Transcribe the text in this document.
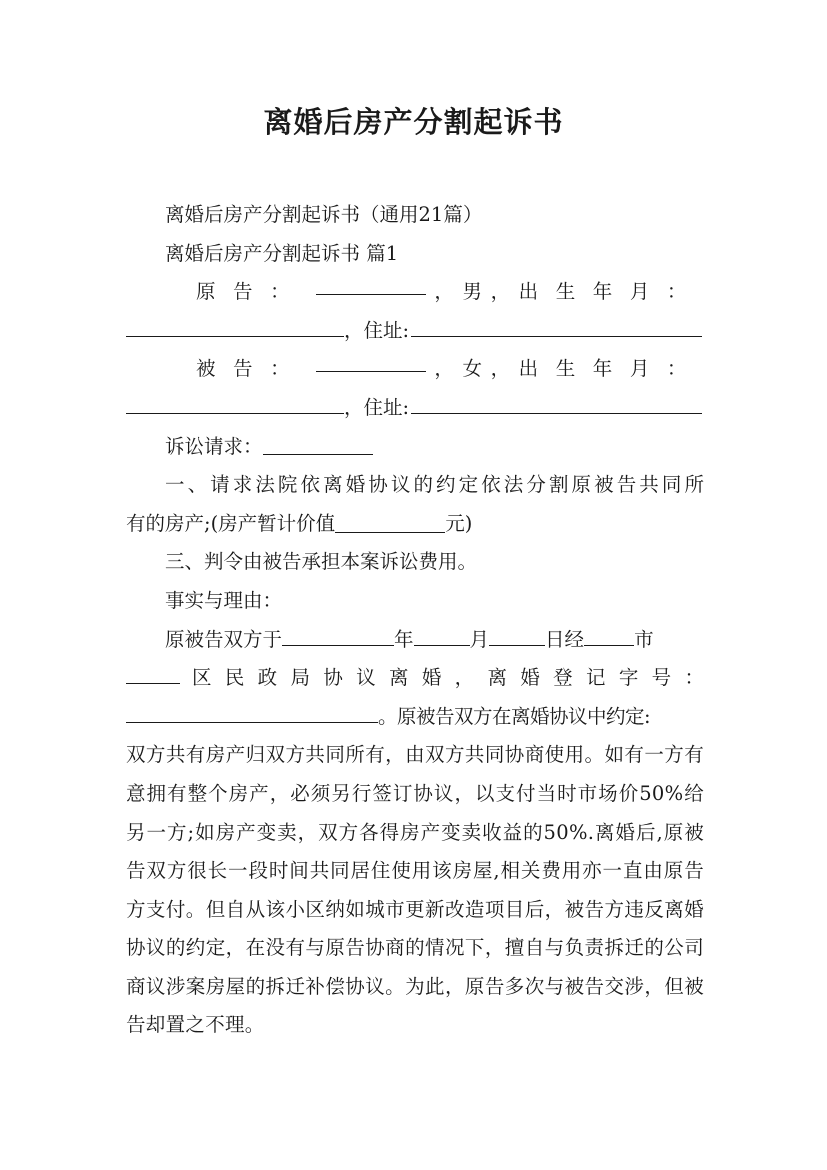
离婚后房产分割起诉书

离婚后房产分割起诉书（通用21篇）

离婚后房产分割起诉书 篇1

原告：	， 男 ， 出生年月：
，住址:
被告：	， 女 ， 出生年月：
，住址:

诉讼请求：

一、请求法院依离婚协议的约定依法分割原被告共同所

有的房产;(房产暂计价值	元)

三、判令由被告承担本案诉讼费用。

事实与理由：

原被告双方于	年	月	日经	市
区民政局协议离婚，离婚登记字号：
。原被告双方在离婚协议中约定:

双方共有房产归双方共同所有，由双方共同协商使用。如有一方有意拥有整个房产，必须另行签订协议，以支付当时市场价50%给另一方;如房产变卖，双方各得房产变卖收益的50%.离婚后,原被告双方很长一段时间共同居住使用该房屋,相关费用亦一直由原告方支付。但自从该小区纳如城市更新改造项目后，被告方违反离婚协议的约定，在没有与原告协商的情况下，擅自与负责拆迁的公司商议涉案房屋的拆迁补偿协议。为此，原告多次与被告交涉，但被告却置之不理。
